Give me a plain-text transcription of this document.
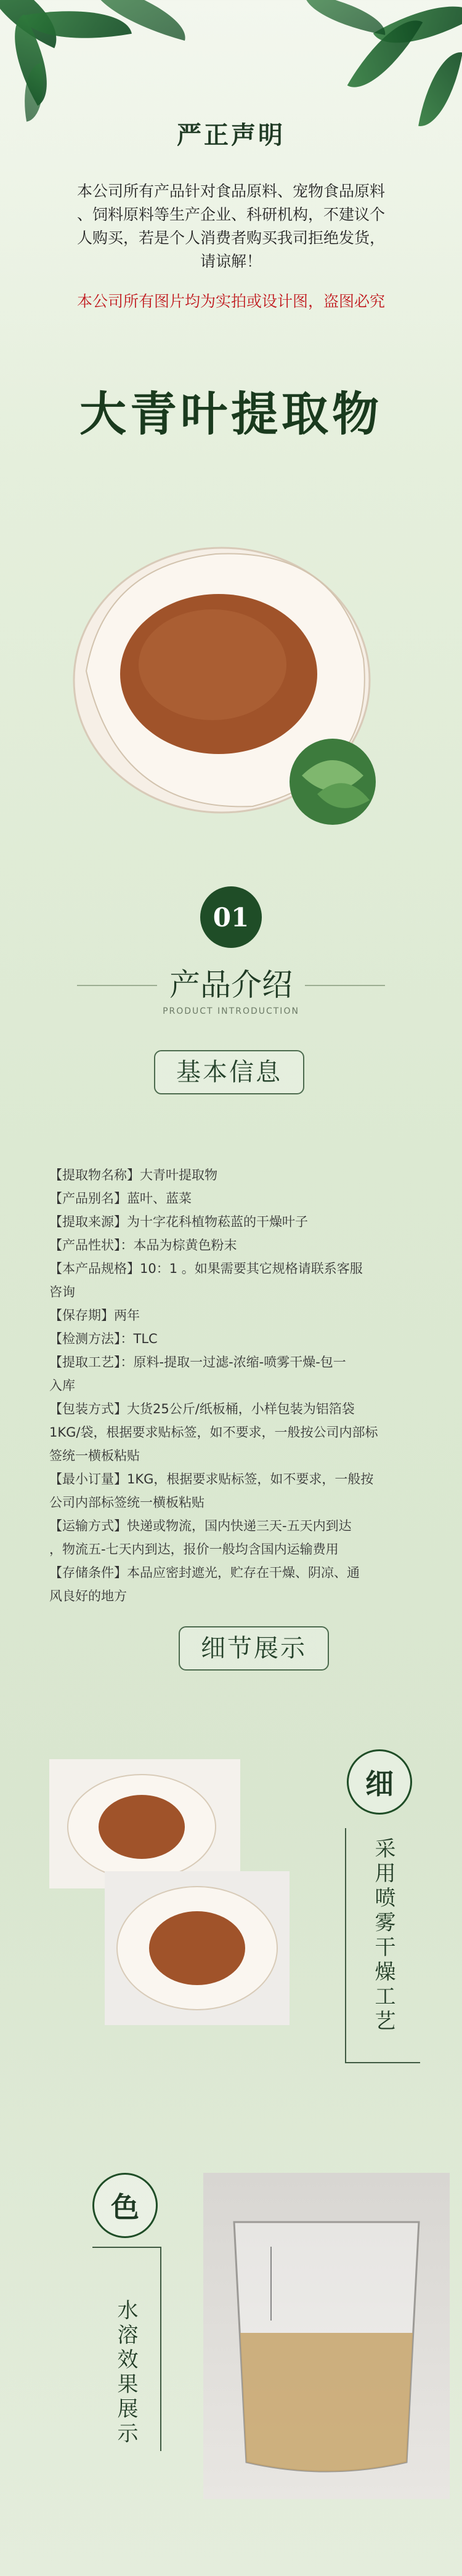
严正声明
本公司所有产品针对食品原料、宠物食品原料
、饲料原料等生产企业、科研机构，不建议个
人购买，若是个人消费者购买我司拒绝发货，
请谅解！
本公司所有图片均为实拍或设计图，盗图必究
大青叶提取物
01
产品介绍
PRODUCT INTRODUCTION
基本信息
【提取物名称】大青叶提取物
【产品别名】蓝叶、蓝菜
【提取来源】为十字花科植物菘蓝的干燥叶子
【产品性状】：本品为棕黄色粉末
【本产品规格】10：1 。如果需要其它规格请联系客服
咨询
【保存期】两年
【检测方法】：TLC
【提取工艺】：原料-提取一过滤-浓缩-喷雾干燥-包一
入库
【包装方式】大货25公斤/纸板桶，小样包装为铝箔袋
1KG/袋，根据要求贴标签，如不要求，一般按公司内部标
签统一横板粘贴
【最小订量】1KG，根据要求贴标签，如不要求，一般按
公司内部标签统一横板粘贴
【运输方式】快递或物流，国内快递三天-五天内到达
，物流五-七天内到达，报价一般均含国内运输费用
【存储条件】本品应密封遮光，贮存在干燥、阴凉、通
风良好的地方
细节展示
细
采用喷雾干燥工艺
色
水溶效果展示
